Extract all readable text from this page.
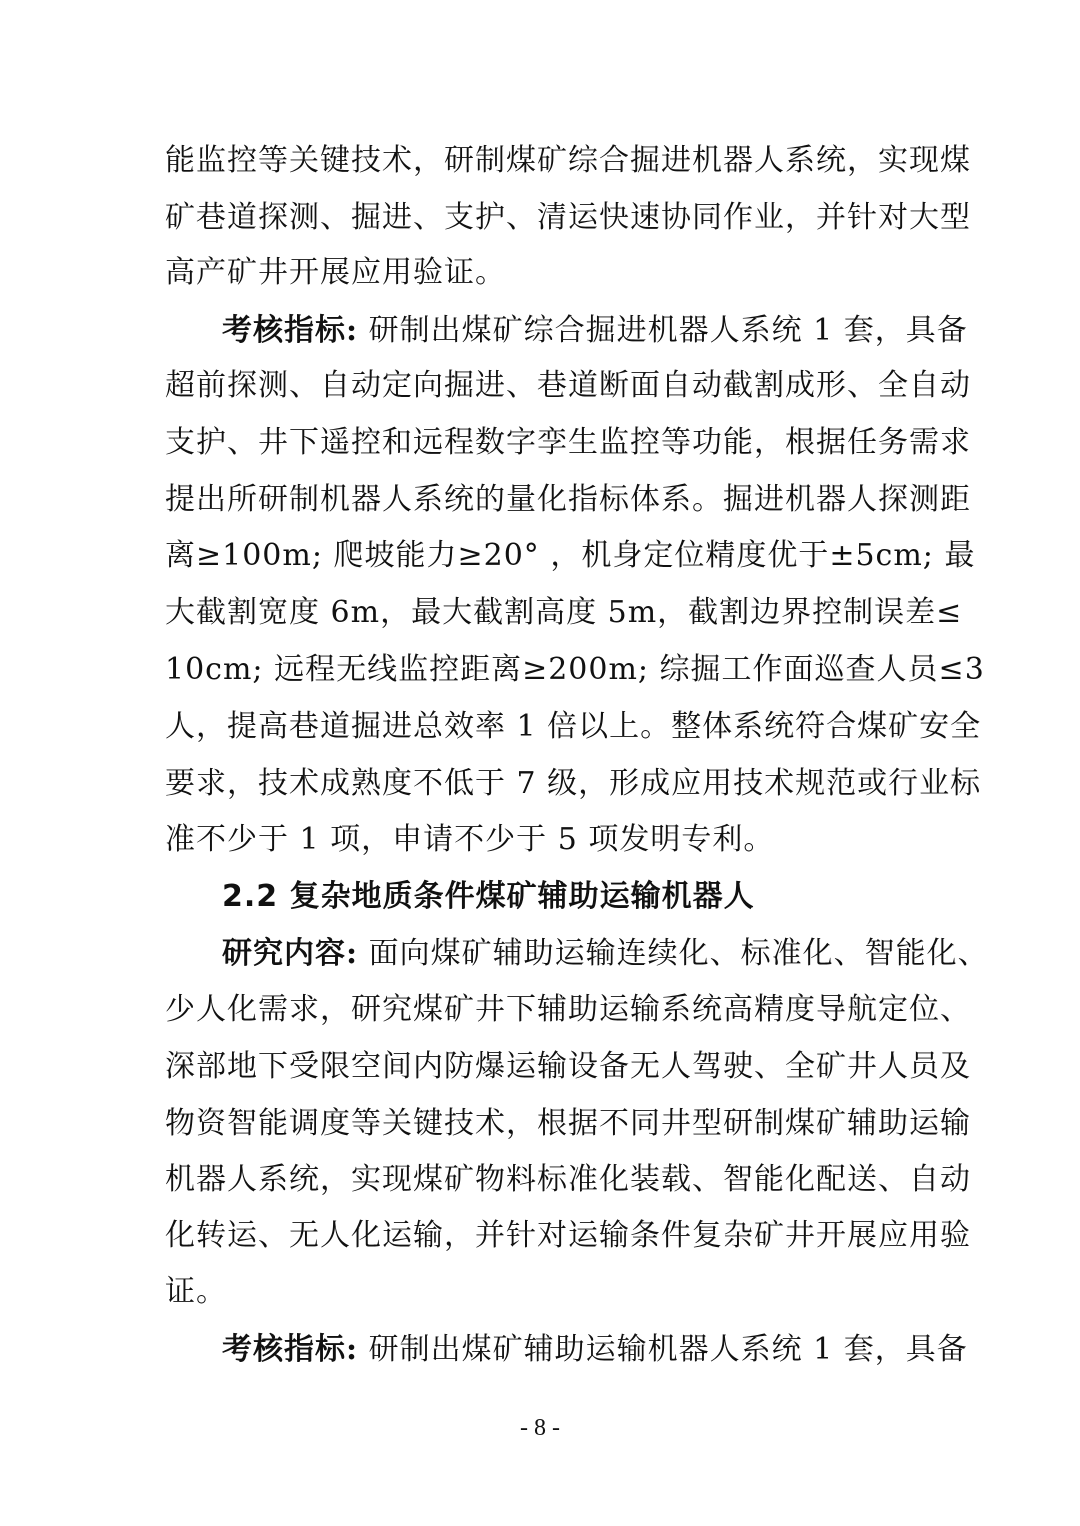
能监控等关键技术，研制煤矿综合掘进机器人系统，实现煤
矿巷道探测、掘进、支护、清运快速协同作业，并针对大型
高产矿井开展应用验证。
考核指标: 研制出煤矿综合掘进机器人系统 1 套，具备
超前探测、自动定向掘进、巷道断面自动截割成形、全自动
支护、井下遥控和远程数字孪生监控等功能，根据任务需求
提出所研制机器人系统的量化指标体系。掘进机器人探测距
离≥100m; 爬坡能力≥20° ，机身定位精度优于±5cm; 最
大截割宽度 6m，最大截割高度 5m，截割边界控制误差≤
10cm; 远程无线监控距离≥200m; 综掘工作面巡查人员≤3
人，提高巷道掘进总效率 1 倍以上。整体系统符合煤矿安全
要求，技术成熟度不低于 7 级，形成应用技术规范或行业标
准不少于 1 项，申请不少于 5 项发明专利。
2.2 复杂地质条件煤矿辅助运输机器人
研究内容: 面向煤矿辅助运输连续化、标准化、智能化、
少人化需求，研究煤矿井下辅助运输系统高精度导航定位、
深部地下受限空间内防爆运输设备无人驾驶、全矿井人员及
物资智能调度等关键技术，根据不同井型研制煤矿辅助运输
机器人系统，实现煤矿物料标准化装载、智能化配送、自动
化转运、无人化运输，并针对运输条件复杂矿井开展应用验
证。
考核指标: 研制出煤矿辅助运输机器人系统 1 套，具备
- 8 -
